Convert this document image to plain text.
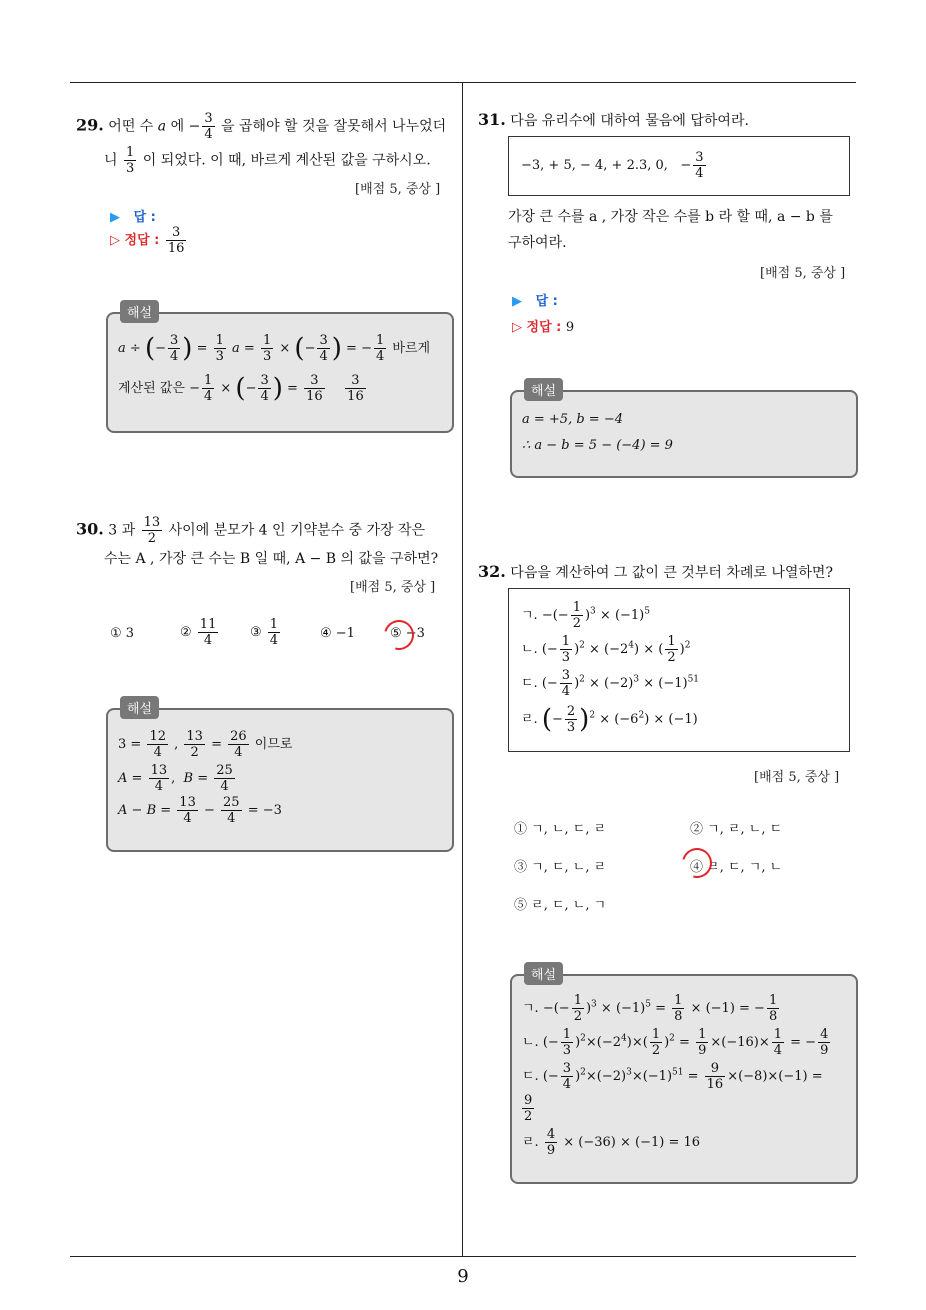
9
29. 어떤 수 a 에 − $\frac{3}{4}$ 을 곱해야 할 것을 잘못해서 나누었더
니 $\frac{1}{3}$ 이 되었다. 이 때, 바르게 계산된 값을 구하시오.
[배점 5, 중상 ]
▶ 답 :
▷ 정답 : $\frac{3}{16}$
해설
a ÷ (− $\frac{3}{4}$ ) = $\frac{1}{3}$ $a = \frac{1}{3}$ × (− $\frac{3}{4}$ ) = − $\frac{1}{4}$ 바르게
계산된 값은 − $\frac{1}{4}$ × (− $\frac{3}{4}$ ) = $\frac{3}{16}$
$\frac{3}{16}$
30. 3 과 $\frac{13}{2}$ 사이에 분모가 4 인 기약분수 중 가장 작은
수는 A , 가장 큰 수는 B 일 때, A − B 의 값을 구하면?
[배점 5, 중상 ]
① 3	② $\frac{11}{4}$ ③ $\frac{1}{4}$	④ −1	⑤ −3
해설
$3 = \frac{12}{4}$ , $\frac{13}{2} = \frac{26}{4}$ 이므로
$A = \frac{13}{4}$ ,  $B = \frac{25}{4}$
$A - B = \frac{13}{4} - \frac{25}{4} = -3$
31. 다음 유리수에 대하여 물음에 답하여라.
−3, + 5, − 4, + 2.3, 0, − $\frac{3}{4}$
가장 큰 수를 a , 가장 작은 수를 b 라 할 때, a − b 를
구하여라.
[배점 5, 중상 ]
▶ 답 :
▷ 정답 : 9
해설
a = +5, b = −4
∴ a − b = 5 − (−4) = 9
32. 다음을 계산하여 그 값이 큰 것부터 차례로 나열하면?
ㄱ. −(− $\frac{1}{2} )^3 \times (-1)^5$
ㄴ. (− $\frac{1}{3} )^2 \times (-2^4)$ × ( $\frac{1}{2} )^2$
ㄷ. (− $\frac{3}{4} )^2 \times (-2)^3 \times (-1)^{51}$
ㄹ. (− $\frac{2}{3} )^2 \times (-6^2) \times (-1)$
[배점 5, 중상 ]
① ㄱ, ㄴ, ㄷ, ㄹ	② ㄱ, ㄹ, ㄴ, ㄷ
③ ㄱ, ㄷ, ㄴ, ㄹ	④ ㄹ, ㄷ, ㄱ, ㄴ
⑤ ㄹ, ㄷ, ㄴ, ㄱ
해설
ㄱ. −(− $\frac{1}{2} )^3 \times (-1)^5 = \frac{1}{8} \times (-1)$ = − $\frac{1}{8}$
ㄴ. (− $\frac{1}{3} )^2\times(-2^4)\times( \frac{1}{2} )^2 = \frac{1}{9} \times(-16)\times \frac{1}{4}$ = − $\frac{4}{9}$
ㄷ. (− $\frac{3}{4} )^2\times(-2)^3\times(-1)^{51} = \frac{9}{16} \times(-8)\times(-1)$ =
$\frac{9}{2}$
ㄹ. $\frac{4}{9} \times (-36) \times (-1) = 16$
